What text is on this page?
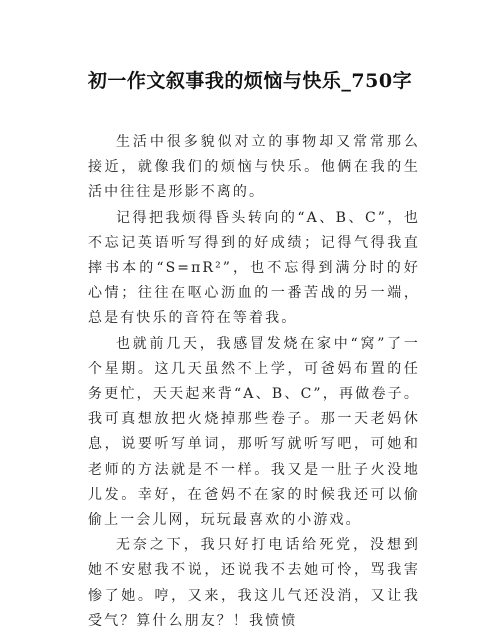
初一作文叙事我的烦恼与快乐_750字

生活中很多貌似对立的事物却又常常那么接近，就像我们的烦恼与快乐。他俩在我的生活中往往是形影不离的。

记得把我烦得昏头转向的“A、B、C”，也不忘记英语听写得到的好成绩；记得气得我直摔书本的“S=πR²”，也不忘得到满分时的好心情；往往在呕心沥血的一番苦战的另一端，总是有快乐的音符在等着我。

也就前几天，我感冒发烧在家中“窝”了一个星期。这几天虽然不上学，可爸妈布置的任务更忙，天天起来背“A、B、C”，再做卷子。我可真想放把火烧掉那些卷子。那一天老妈休息，说要听写单词，那听写就听写吧，可她和老师的方法就是不一样。我又是一肚子火没地儿发。幸好，在爸妈不在家的时候我还可以偷偷上一会儿网，玩玩最喜欢的小游戏。

无奈之下，我只好打电话给死党，没想到她不安慰我不说，还说我不去她可怜，骂我害惨了她。哼，又来，我这儿气还没消，又让我受气？算什么朋友？！我愤愤
